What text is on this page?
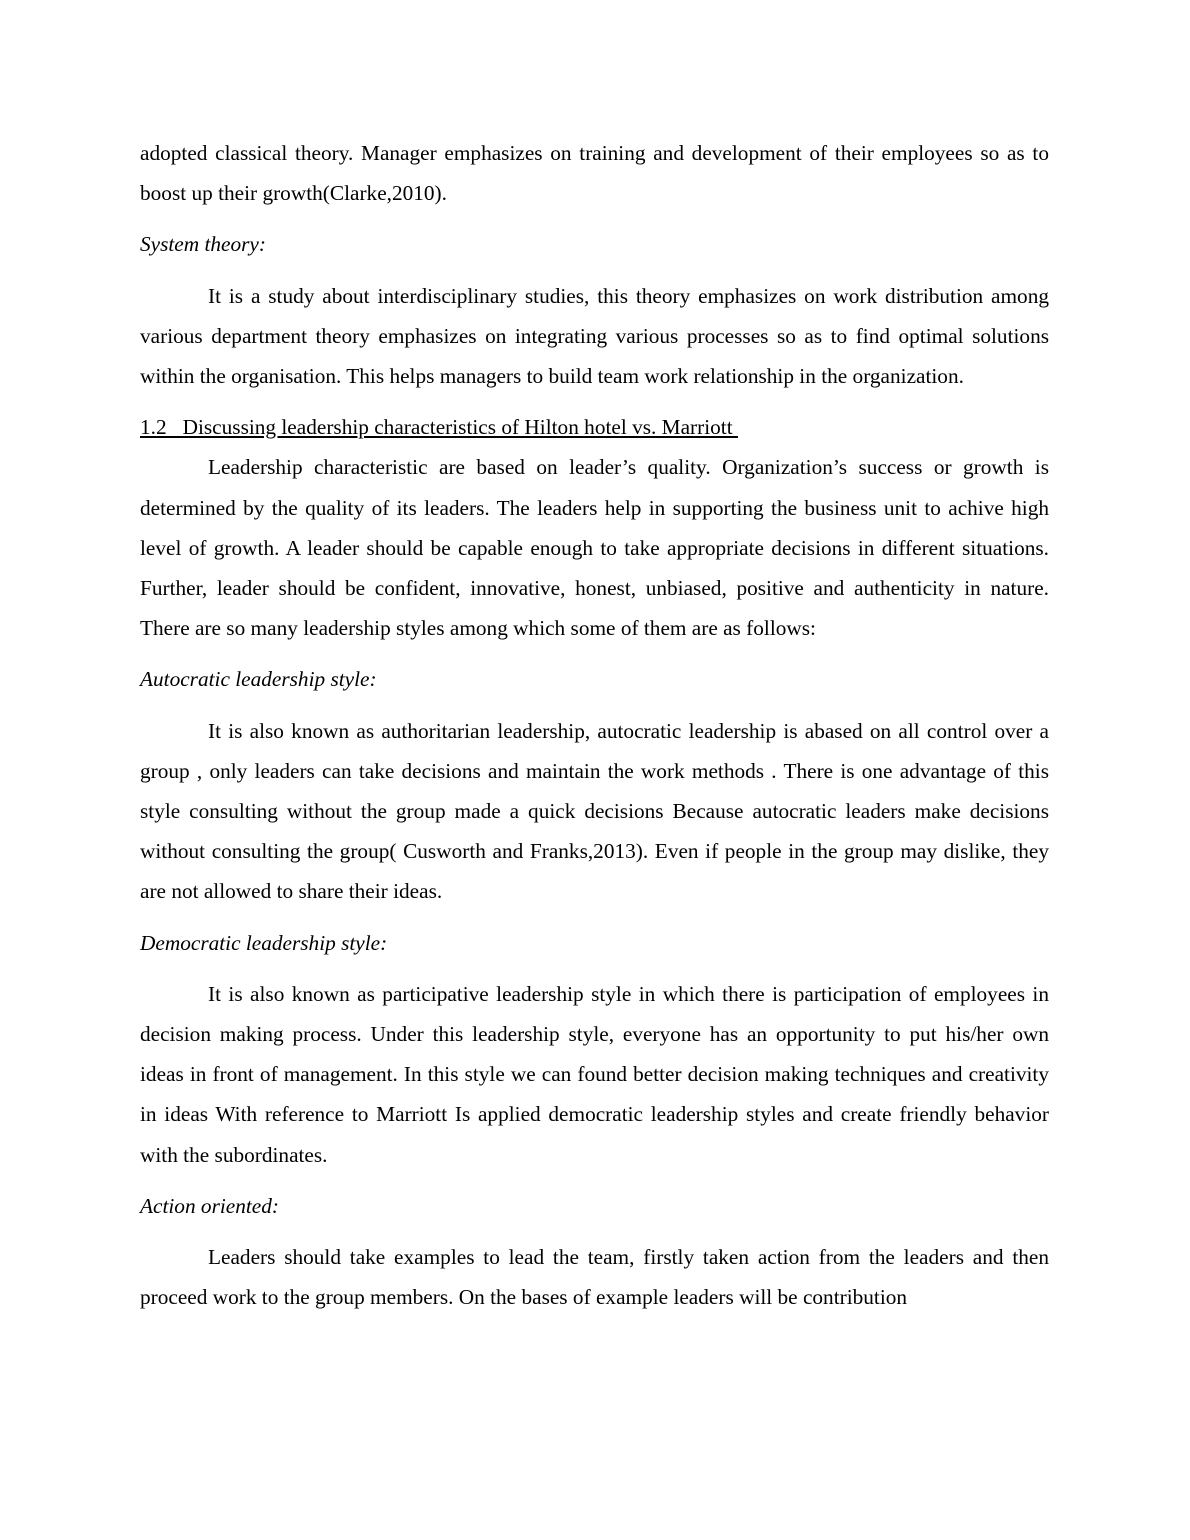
adopted classical theory. Manager emphasizes on training and development of their employees so as to boost up their growth(Clarke,2010).

System theory:

It is a study about interdisciplinary studies, this theory emphasizes on work distribution among various department theory emphasizes on integrating various processes so as to find optimal solutions within the organisation. This helps managers to build team work relationship in the organization.

1.2   Discussing leadership characteristics of Hilton hotel vs. Marriott

Leadership characteristic are based on leader’s quality. Organization’s success or growth is determined by the quality of its leaders. The leaders help in supporting the business unit to achive high level of growth. A leader should be capable enough to take appropriate decisions in different situations. Further, leader should be confident, innovative, honest, unbiased, positive and authenticity in nature. There are so many leadership styles among which some of them are as follows:

Autocratic leadership style:

It is also known as authoritarian leadership, autocratic leadership is abased on all control over a group , only leaders can take decisions and maintain the work methods . There is one advantage of this style consulting without the group made a quick decisions Because autocratic leaders make decisions without consulting the group( Cusworth and Franks,2013). Even if people in the group may dislike, they are not allowed to share their ideas.

Democratic leadership style:

It is also known as participative leadership style in which there is participation of employees in decision making process. Under this leadership style, everyone has an opportunity to put his/her own ideas in front of management. In this style we can found better decision making techniques and creativity in ideas With reference to Marriott Is applied democratic leadership styles and create friendly behavior with the subordinates.

Action oriented:

Leaders should take examples to lead the team, firstly taken action from the leaders and then proceed work to the group members. On the bases of example leaders will be contribution
